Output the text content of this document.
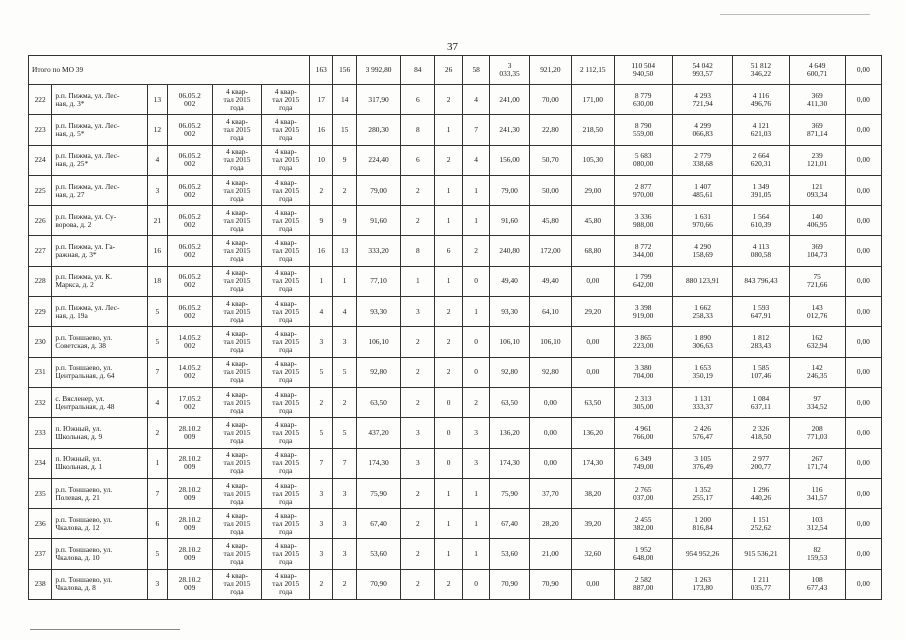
37
Итого по МО 39						163	156	3 992,80	84	26	58	3
033,35	921,20	2 112,15	110 504
940,50	54 042
993,57	51 812
346,22	4 649
600,71	0,00
222	р.п. Пижма, ул. Лес-
ная, д. 3*	13	06.05.2
002	4 квар-
тал 2015
года	4 квар-
тал 2015
года	17	14	317,90	6	2	4	241,00	70,00	171,00	8 779
630,00	4 293
721,94	4 116
496,76	369
411,30	0,00
223	р.п. Пижма, ул. Лес-
ная, д. 5*	12	06.05.2
002	4 квар-
тал 2015
года	4 квар-
тал 2015
года	16	15	280,30	8	1	7	241,30	22,80	218,50	8 790
559,00	4 299
066,83	4 121
621,03	369
871,14	0,00
224	р.п. Пижма, ул. Лес-
ная, д. 25*	4	06.05.2
002	4 квар-
тал 2015
года	4 квар-
тал 2015
года	10	9	224,40	6	2	4	156,00	50,70	105,30	5 683
080,00	2 779
338,68	2 664
620,31	239
121,01	0,00
225	р.п. Пижма, ул. Лес-
ная, д. 27	3	06.05.2
002	4 квар-
тал 2015
года	4 квар-
тал 2015
года	2	2	79,00	2	1	1	79,00	50,00	29,00	2 877
970,00	1 407
485,61	1 349
391,05	121
093,34	0,00
226	р.п. Пижма, ул. Су-
ворова, д. 2	21	06.05.2
002	4 квар-
тал 2015
года	4 квар-
тал 2015
года	9	9	91,60	2	1	1	91,60	45,80	45,80	3 336
988,00	1 631
970,66	1 564
610,39	140
406,95	0,00
227	р.п. Пижма, ул. Га-
ражная, д. 3*	16	06.05.2
002	4 квар-
тал 2015
года	4 квар-
тал 2015
года	16	13	333,20	8	6	2	240,80	172,00	68,80	8 772
344,00	4 290
158,69	4 113
080,58	369
104,73	0,00
228	р.п. Пижма, ул. К.
Маркса, д. 2	18	06.05.2
002	4 квар-
тал 2015
года	4 квар-
тал 2015
года	1	1	77,10	1	1	0	49,40	49,40	0,00	1 799
642,00	880 123,91	843 796,43	75
721,66	0,00
229	р.п. Пижма, ул. Лес-
ная, д. 19а	5	06.05.2
002	4 квар-
тал 2015
года	4 квар-
тал 2015
года	4	4	93,30	3	2	1	93,30	64,10	29,20	3 398
919,00	1 662
258,33	1 593
647,91	143
012,76	0,00
230	р.п. Тоншаево, ул.
Советская, д. 38	5	14.05.2
002	4 квар-
тал 2015
года	4 квар-
тал 2015
года	3	3	106,10	2	2	0	106,10	106,10	0,00	3 865
223,00	1 890
306,63	1 812
283,43	162
632,94	0,00
231	р.п. Тоншаево, ул.
Центральная, д. 64	7	14.05.2
002	4 квар-
тал 2015
года	4 квар-
тал 2015
года	5	5	92,80	2	2	0	92,80	92,80	0,00	3 380
704,00	1 653
350,19	1 585
107,46	142
246,35	0,00
232	с. Вясленер, ул.
Центральная, д. 48	4	17.05.2
002	4 квар-
тал 2015
года	4 квар-
тал 2015
года	2	2	63,50	2	0	2	63,50	0,00	63,50	2 313
305,00	1 131
333,37	1 084
637,11	97
334,52	0,00
233	п. Южный, ул.
Школьная, д. 9	2	28.10.2
009	4 квар-
тал 2015
года	4 квар-
тал 2015
года	5	5	437,20	3	0	3	136,20	0,00	136,20	4 961
766,00	2 426
576,47	2 326
418,50	208
771,03	0,00
234	п. Южный, ул.
Школьная, д. 1	1	28.10.2
009	4 квар-
тал 2015
года	4 квар-
тал 2015
года	7	7	174,30	3	0	3	174,30	0,00	174,30	6 349
749,00	3 105
376,49	2 977
200,77	267
171,74	0,00
235	р.п. Тоншаево, ул.
Полевая, д. 21	7	28.10.2
009	4 квар-
тал 2015
года	4 квар-
тал 2015
года	3	3	75,90	2	1	1	75,90	37,70	38,20	2 765
037,00	1 352
255,17	1 296
440,26	116
341,57	0,00
236	р.п. Тоншаево, ул.
Чкалова, д. 12	6	28.10.2
009	4 квар-
тал 2015
года	4 квар-
тал 2015
года	3	3	67,40	2	1	1	67,40	28,20	39,20	2 455
382,00	1 200
816,84	1 151
252,62	103
312,54	0,00
237	р.п. Тоншаево, ул.
Чкалова, д. 10	5	28.10.2
009	4 квар-
тал 2015
года	4 квар-
тал 2015
года	3	3	53,60	2	1	1	53,60	21,00	32,60	1 952
648,00	954 952,26	915 536,21	82
159,53	0,00
238	р.п. Тоншаево, ул.
Чкалова, д. 8	3	28.10.2
009	4 квар-
тал 2015
года	4 квар-
тал 2015
года	2	2	70,90	2	2	0	70,90	70,90	0,00	2 582
887,00	1 263
173,80	1 211
035,77	108
677,43	0,00
